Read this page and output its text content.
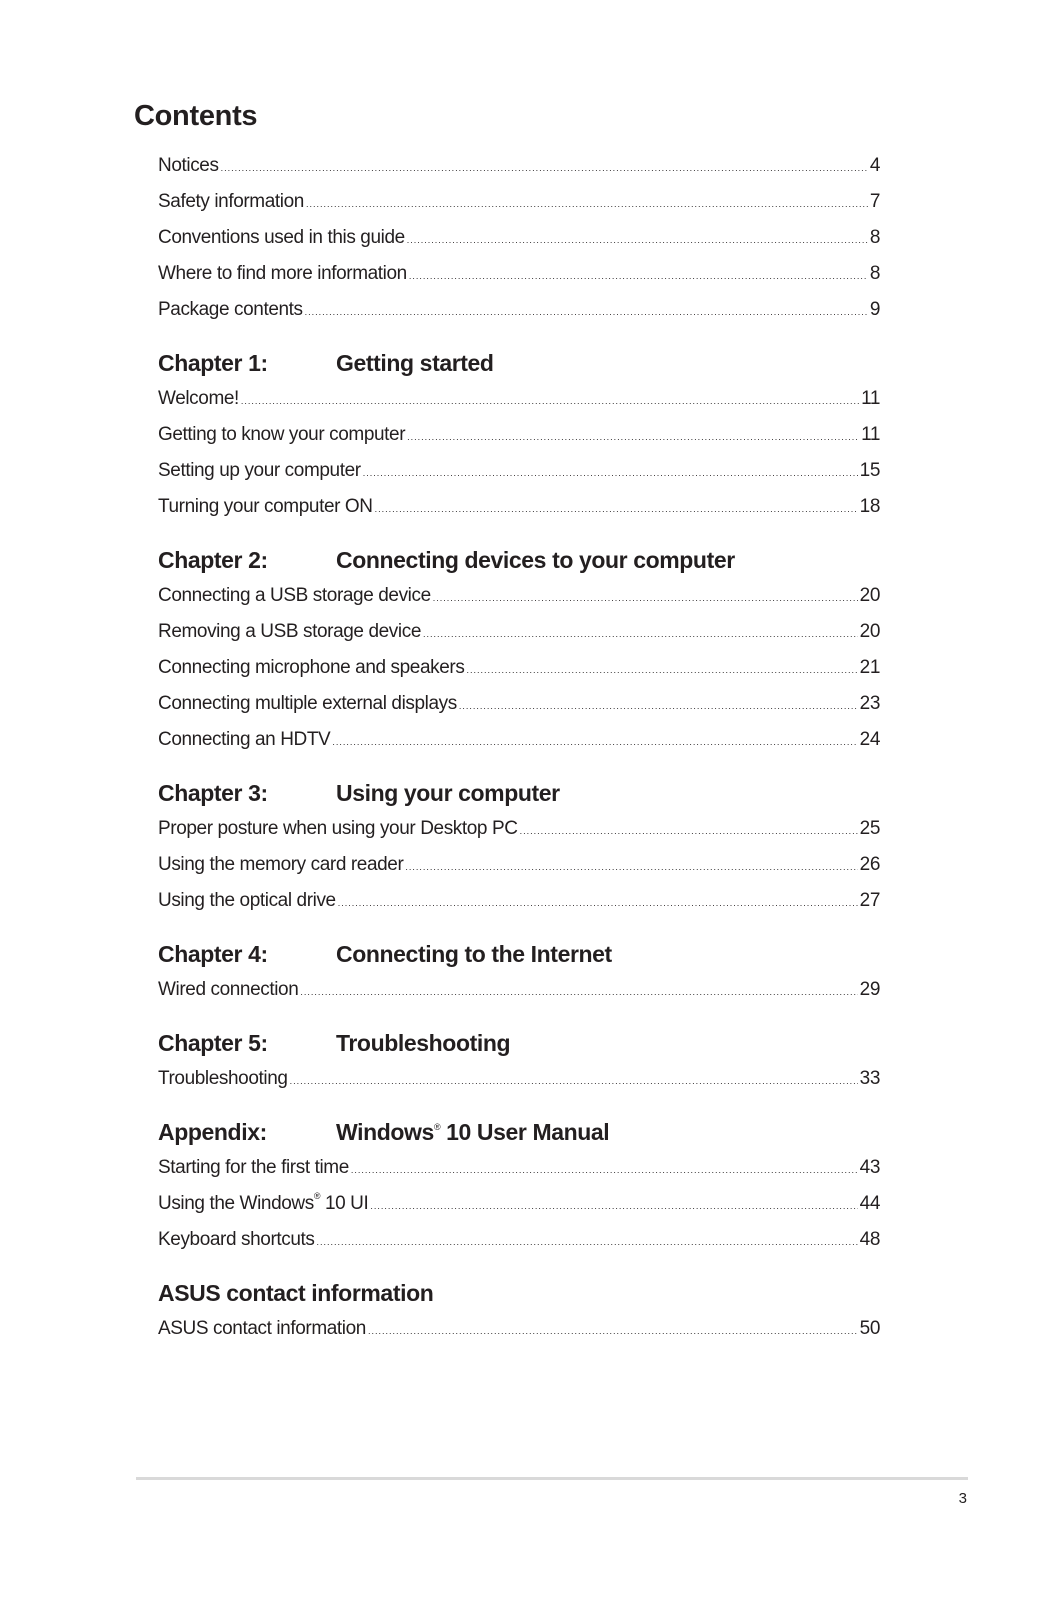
Contents
Notices .....	4
Safety information .....	7
Conventions used in this guide .....	8
Where to find more information .....	8
Package contents .....	9
Chapter 1:	Getting started
Welcome! .....	11
Getting to know your computer .....	11
Setting up your computer .....	15
Turning your computer ON .....	18
Chapter 2:	Connecting devices to your computer
Connecting a USB storage device .....	20
Removing a USB storage device .....	20
Connecting microphone and speakers .....	21
Connecting multiple external displays .....	23
Connecting an HDTV .....	24
Chapter 3:	Using your computer
Proper posture when using your Desktop PC .....	25
Using the memory card reader .....	26
Using the optical drive .....	27
Chapter 4:	Connecting to the Internet
Wired connection .....	29
Chapter 5:	Troubleshooting
Troubleshooting .....	33
Appendix:	Windows® 10 User Manual
Starting for the first time .....	43
Using the Windows® 10 UI .....	44
Keyboard shortcuts .....	48
ASUS contact information
ASUS contact information .....	50
3
